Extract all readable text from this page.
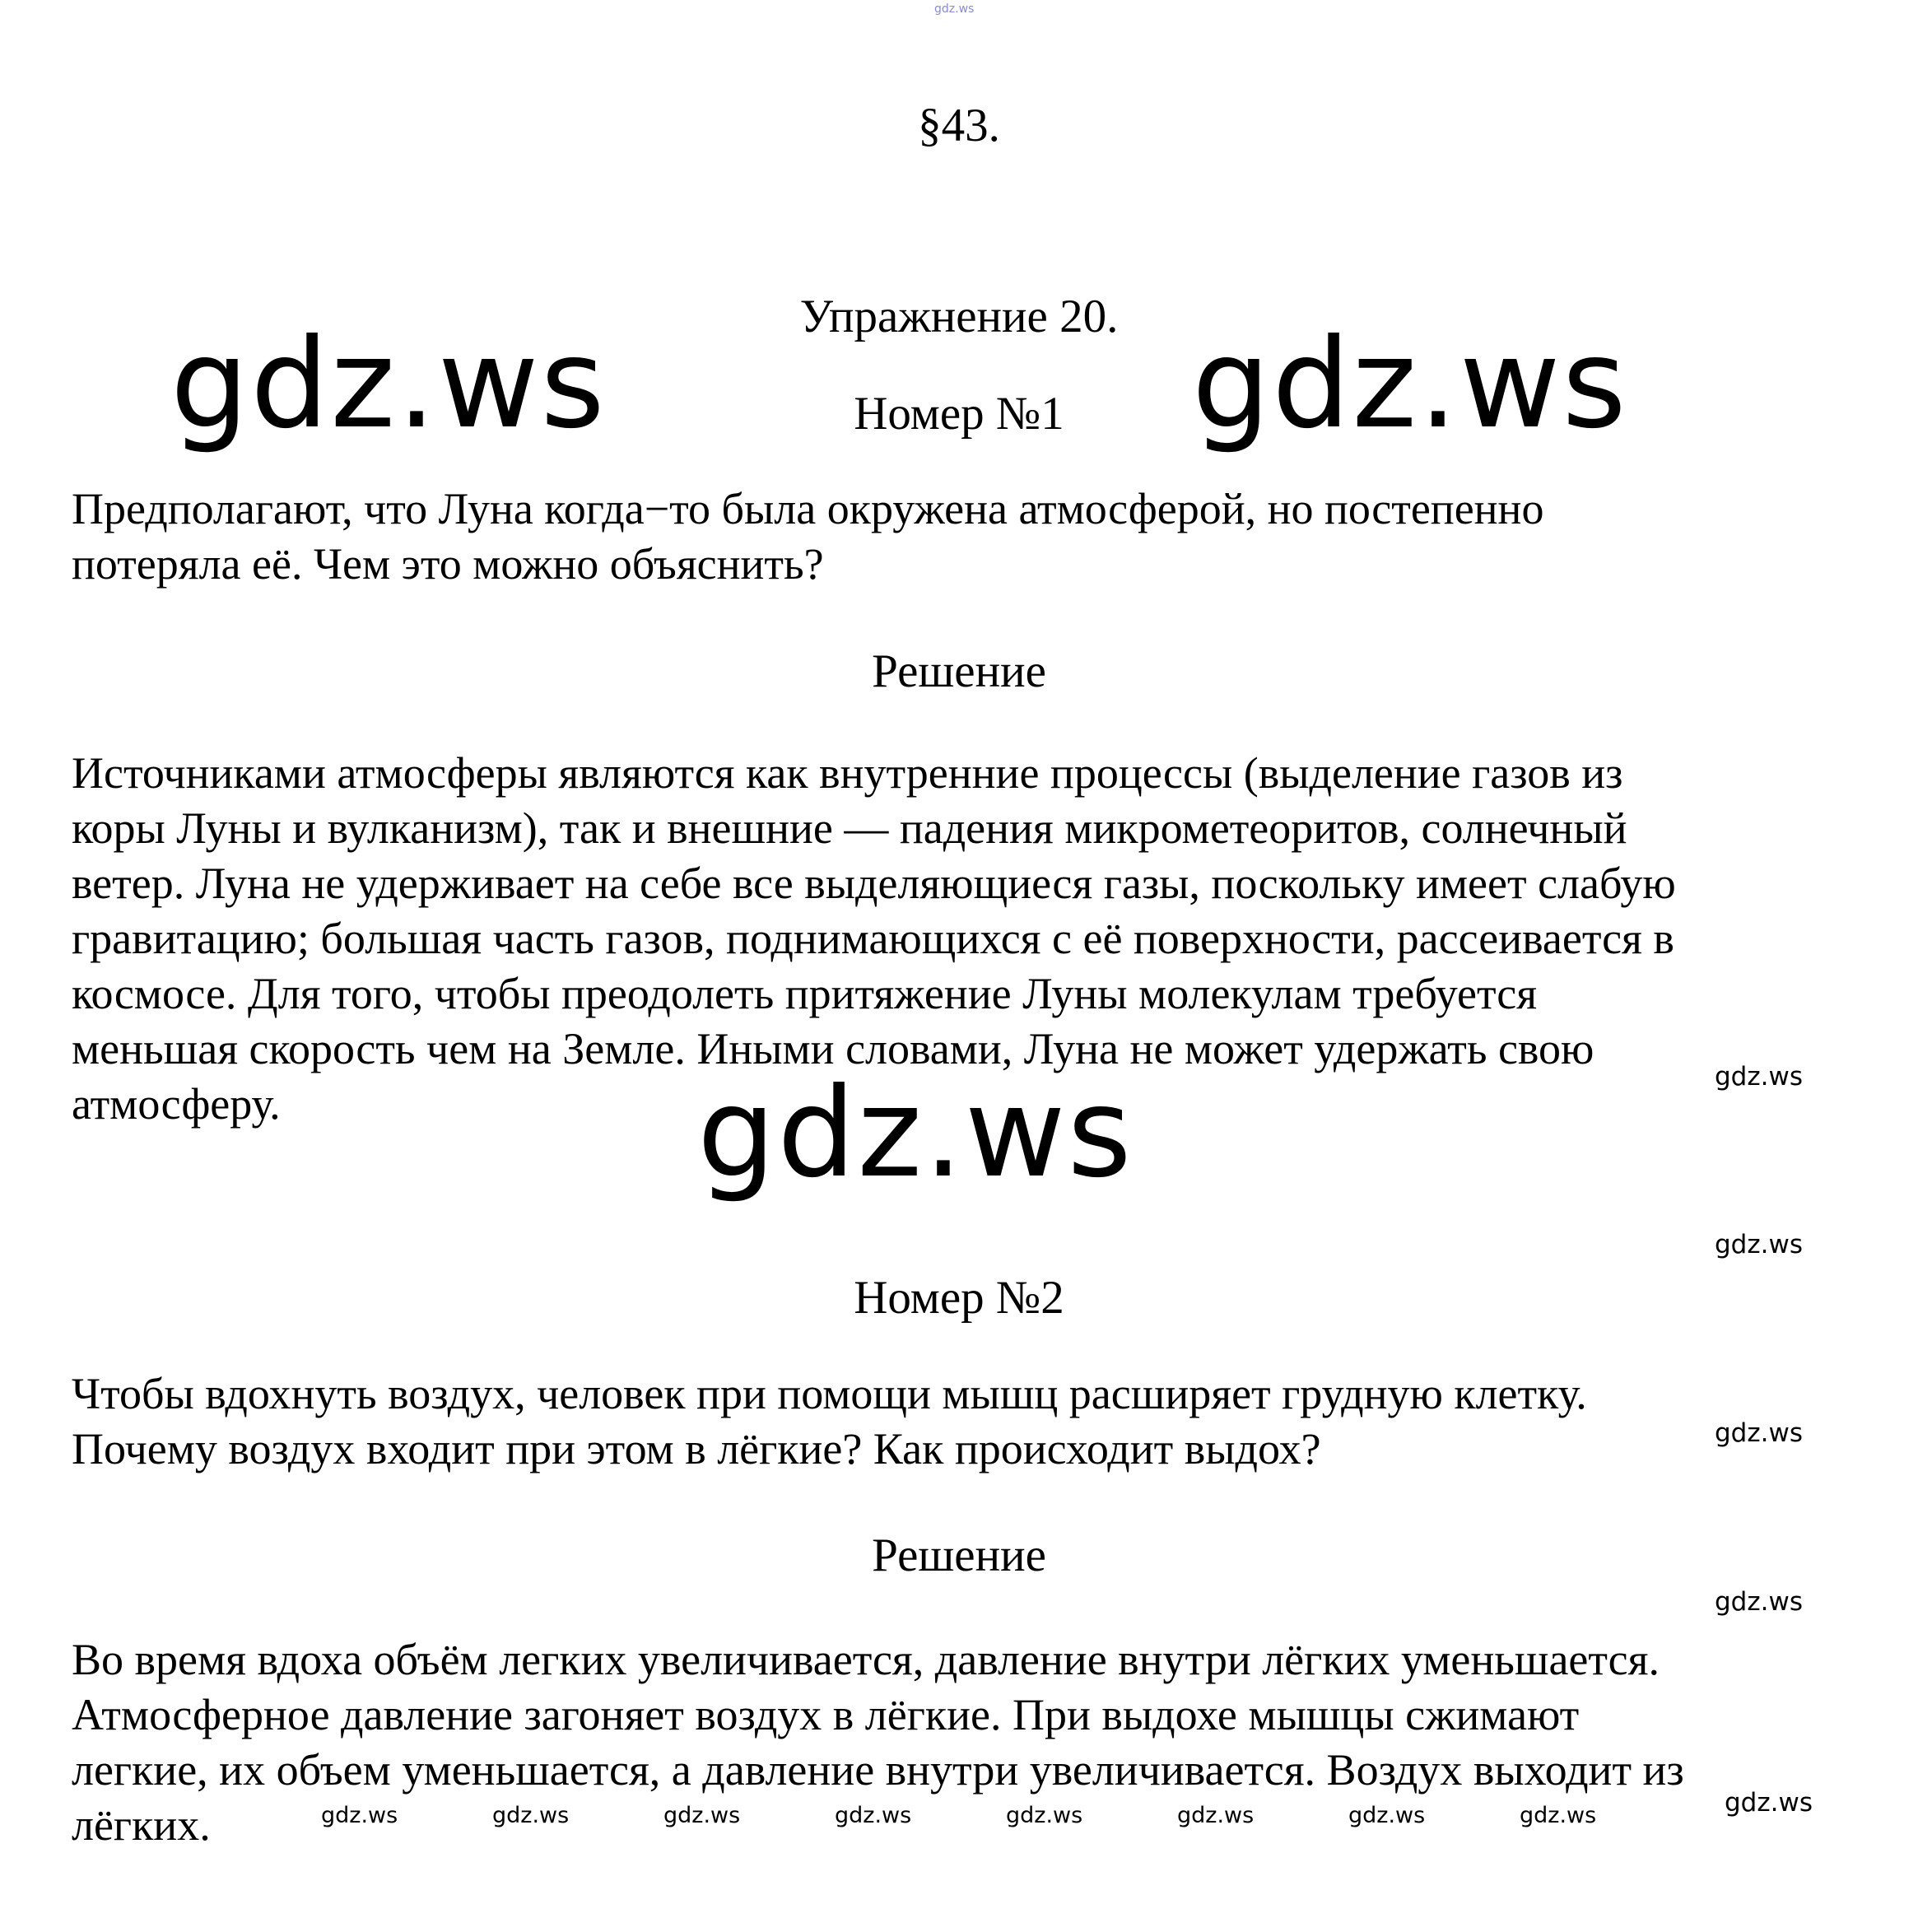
gdz.ws
§43.
Упражнение 20.
gdz.ws	gdz.ws
Номер №1
Предполагают, что Луна когда−то была окружена атмосферой, но постепенно
потеряла её. Чем это можно объяснить?
Решение
Источниками атмосферы являются как внутренние процессы (выделение газов из
коры Луны и вулканизм), так и внешние — падения микрометеоритов, солнечный
ветер. Луна не удерживает на себе все выделяющиеся газы, поскольку имеет слабую
гравитацию; большая часть газов, поднимающихся с её поверхности, рассеивается в
космосе. Для того, чтобы преодолеть притяжение Луны молекулам требуется
меньшая скорость чем на Земле. Иными словами, Луна не может удержать свою
атмосферу.	gdz.ws	gdz.ws
gdz.ws
gdz.ws
gdz.ws
gdz.ws
Номер №2
Чтобы вдохнуть воздух, человек при помощи мышц расширяет грудную клетку.
Почему воздух входит при этом в лёгкие? Как происходит выдох?
Решение
Во время вдоха объём легких увеличивается, давление внутри лёгких уменьшается.
Атмосферное давление загоняет воздух в лёгкие. При выдохе мышцы сжимают
легкие, их объем уменьшается, а давление внутри увеличивается. Воздух выходит из
лёгких.	gdz.ws	gdz.ws	gdz.ws	gdz.ws	gdz.ws	gdz.ws	gdz.ws	gdz.ws
